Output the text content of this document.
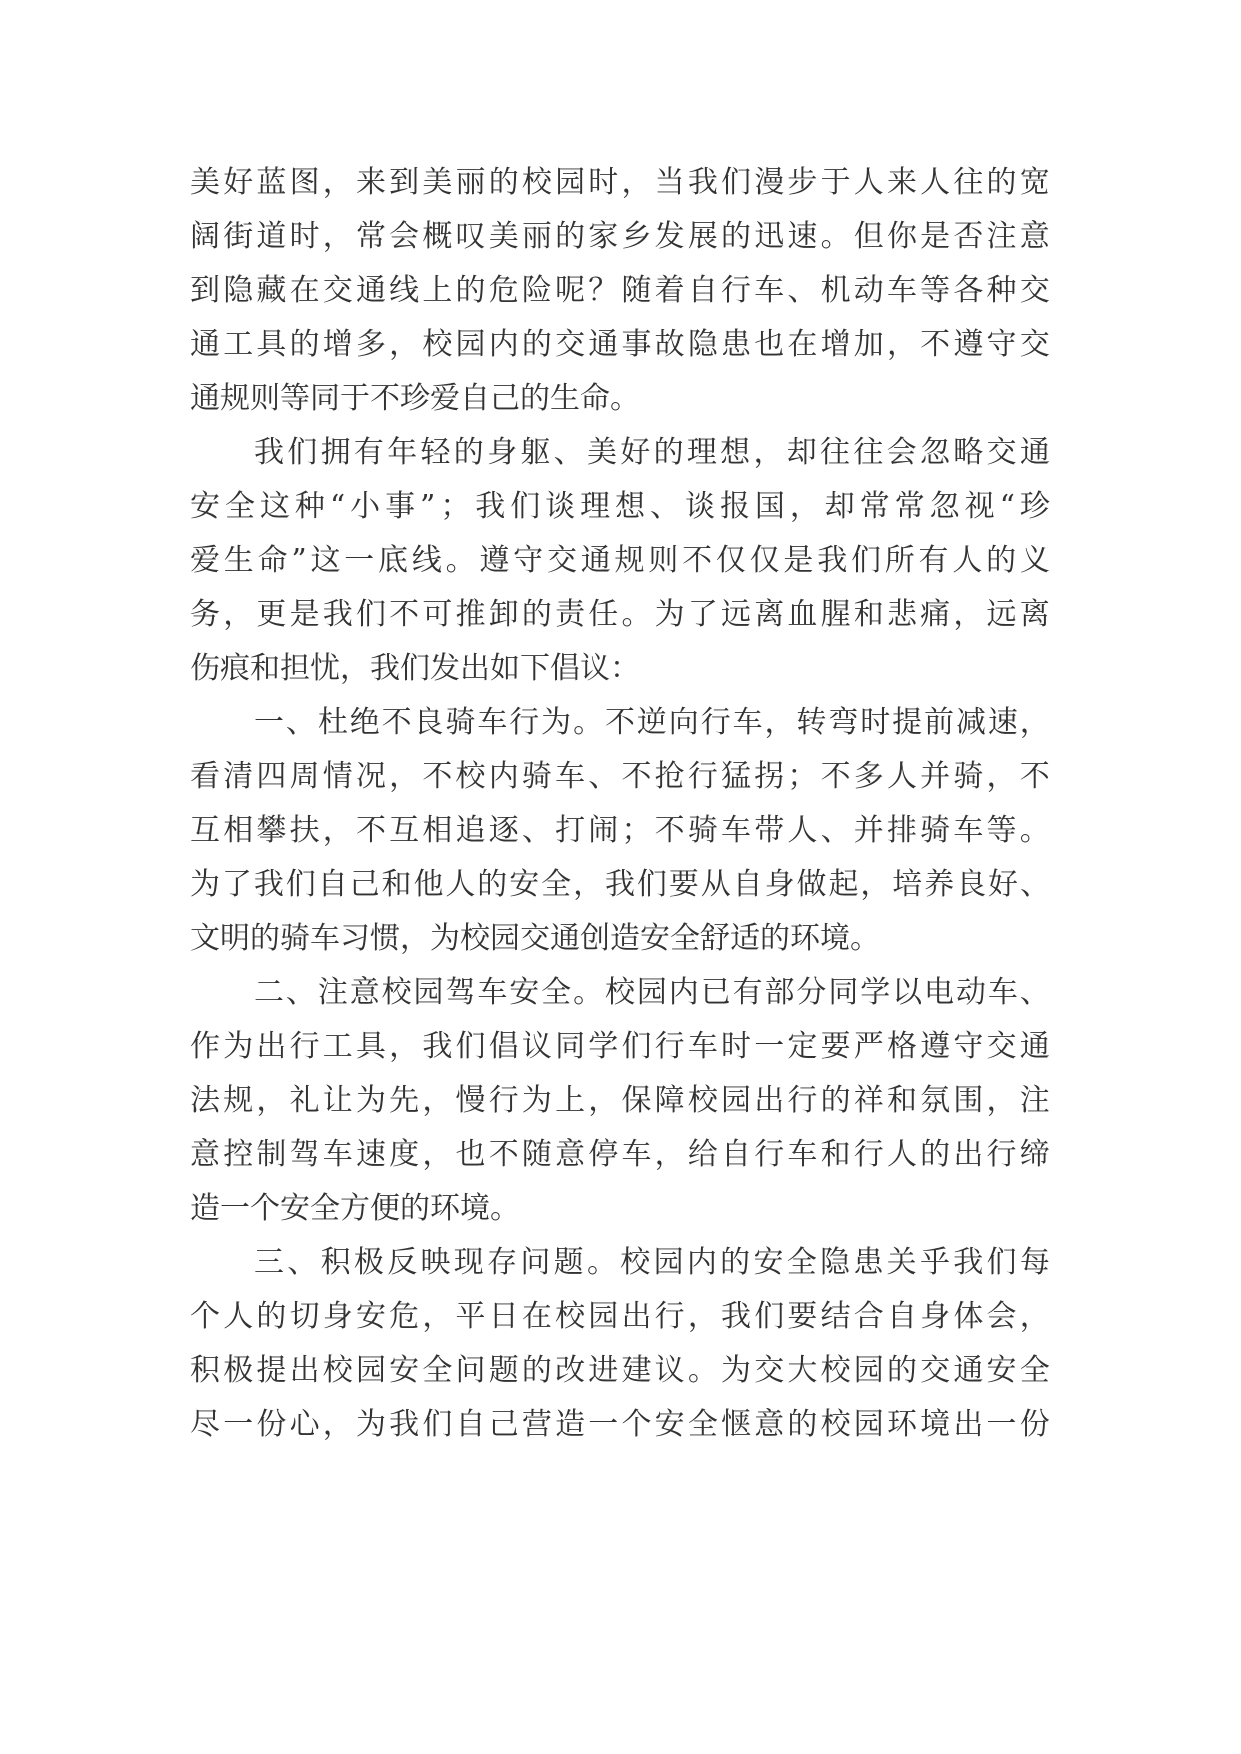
美 好 蓝 图 ， 来 到 美 丽 的 校 园 时 ， 当 我 们 漫 步 于 人 来 人 往 的 宽
阔 街 道 时 ， 常 会 概 叹 美 丽 的 家 乡 发 展 的 迅 速 。 但 你 是 否 注 意
到 隐 藏 在 交 通 线 上 的 危 险 呢 ？ 随 着 自 行 车 、 机 动 车 等 各 种 交
通 工 具 的 增 多 ， 校 园 内 的 交 通 事 故 隐 患 也 在 增 加 ， 不 遵 守 交
通规则等同于不珍爱自己的生命。
我 们 拥 有 年 轻 的 身 躯 、 美 好 的 理 想 ， 却 往 往 会 忽 略 交 通
安 全 这 种 “ 小 事 ” ； 我 们 谈 理 想 、 谈 报 国 ， 却 常 常 忽 视 “ 珍
爱 生 命 ” 这 一 底 线 。 遵 守 交 通 规 则 不 仅 仅 是 我 们 所 有 人 的 义
务 ， 更 是 我 们 不 可 推 卸 的 责 任 。 为 了 远 离 血 腥 和 悲 痛 ， 远 离
伤痕和担忧，我们发出如下倡议：
一 、 杜 绝 不 良 骑 车 行 为 。 不 逆 向 行 车 ， 转 弯 时 提 前 减 速 ，
看 清 四 周 情 况 ， 不 校 内 骑 车 、 不 抢 行 猛 拐 ； 不 多 人 并 骑 ， 不
互 相 攀 扶 ， 不 互 相 追 逐 、 打 闹 ； 不 骑 车 带 人 、 并 排 骑 车 等 。
为 了 我 们 自 己 和 他 人 的 安 全 ， 我 们 要 从 自 身 做 起 ， 培 养 良 好 、
文明的骑车习惯，为校园交通创造安全舒适的环境。
二 、 注 意 校 园 驾 车 安 全 。 校 园 内 已 有 部 分 同 学 以 电 动 车 、
作 为 出 行 工 具 ， 我 们 倡 议 同 学 们 行 车 时 一 定 要 严 格 遵 守 交 通
法 规 ， 礼 让 为 先 ， 慢 行 为 上 ， 保 障 校 园 出 行 的 祥 和 氛 围 ， 注
意 控 制 驾 车 速 度 ， 也 不 随 意 停 车 ， 给 自 行 车 和 行 人 的 出 行 缔
造一个安全方便的环境。
三 、 积 极 反 映 现 存 问 题 。 校 园 内 的 安 全 隐 患 关 乎 我 们 每
个 人 的 切 身 安 危 ， 平 日 在 校 园 出 行 ， 我 们 要 结 合 自 身 体 会 ，
积 极 提 出 校 园 安 全 问 题 的 改 进 建 议 。 为 交 大 校 园 的 交 通 安 全
尽 一 份 心 ， 为 我 们 自 己 营 造 一 个 安 全 惬 意 的 校 园 环 境 出 一 份
